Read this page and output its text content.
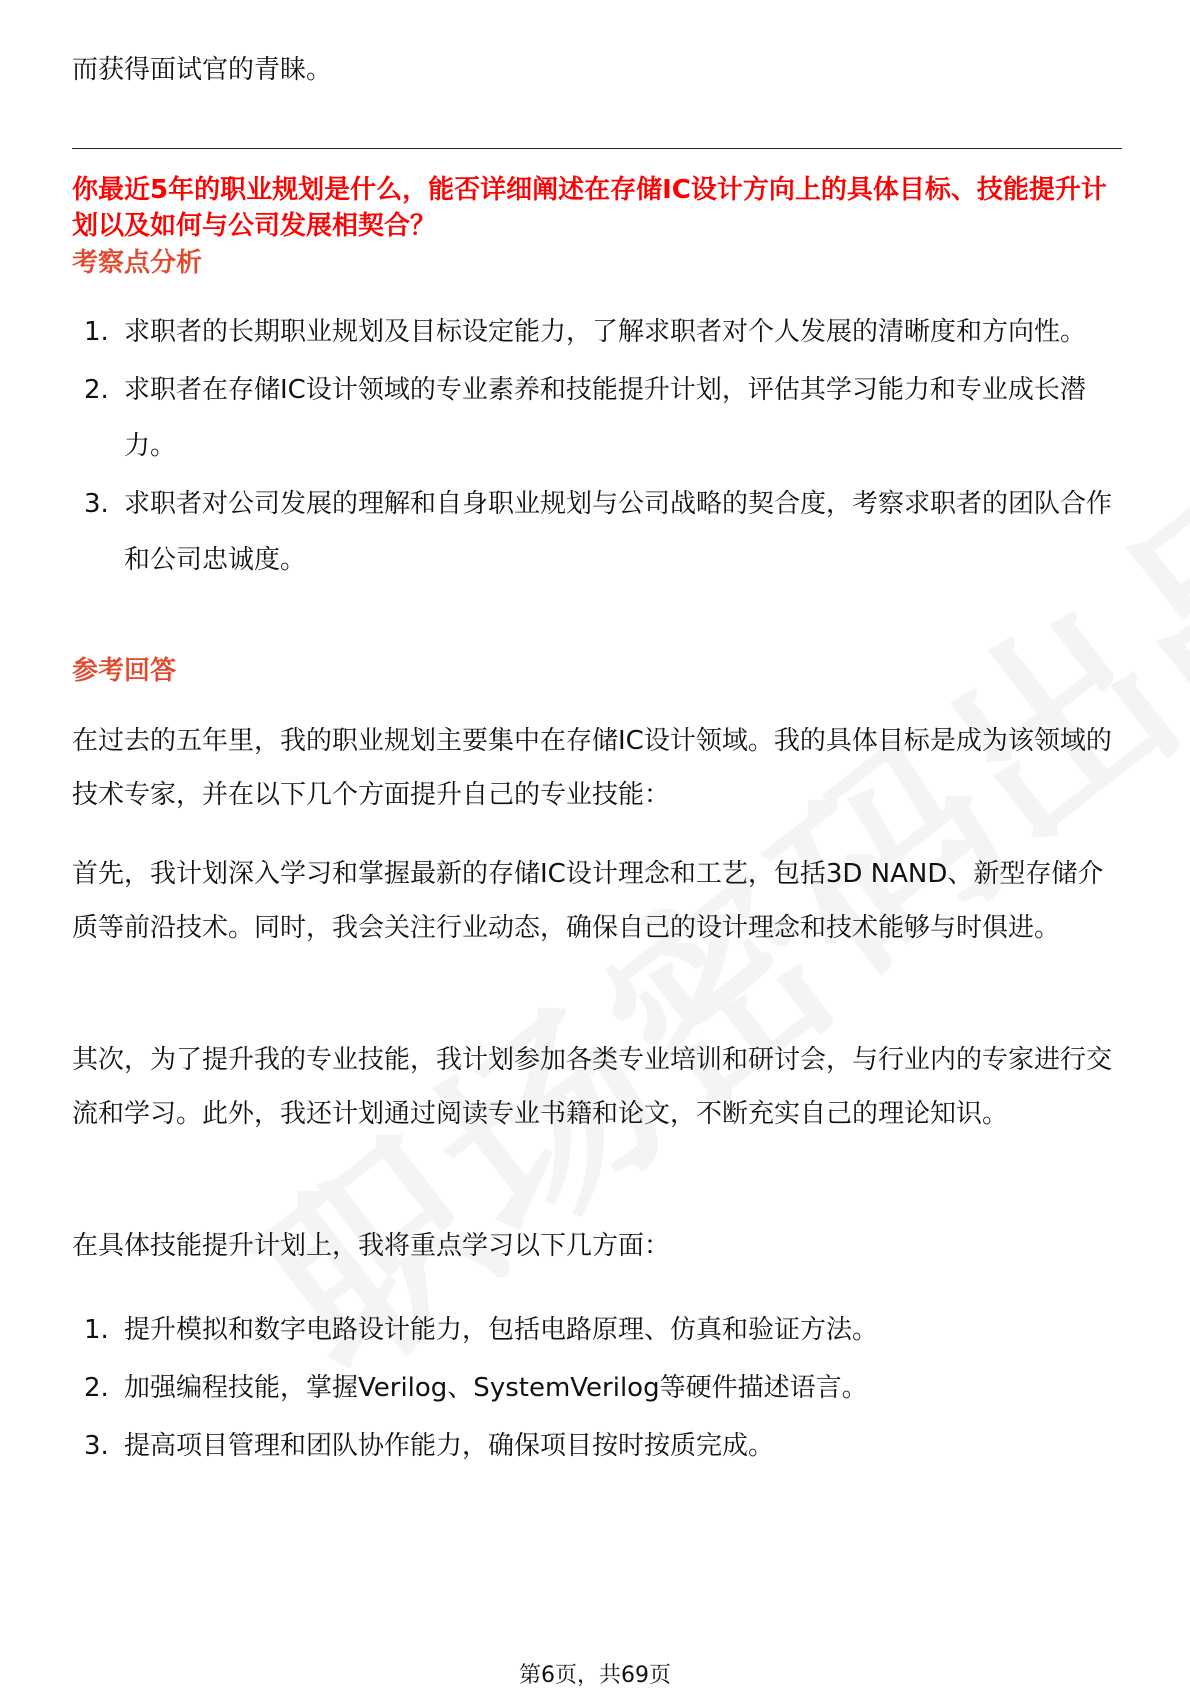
而获得面试官的青睐。

你最近5年的职业规划是什么，能否详细阐述在存储IC设计方向上的具体目标、技能提升计划以及如何与公司发展相契合？

考察点分析
1. 求职者的长期职业规划及目标设定能力，了解求职者对个人发展的清晰度和方向性。
2. 求职者在存储IC设计领域的专业素养和技能提升计划，评估其学习能力和专业成长潜力。
3. 求职者对公司发展的理解和自身职业规划与公司战略的契合度，考察求职者的团队合作和公司忠诚度。
参考回答

在过去的五年里，我的职业规划主要集中在存储IC设计领域。我的具体目标是成为该领域的技术专家，并在以下几个方面提升自己的专业技能：

首先，我计划深入学习和掌握最新的存储IC设计理念和工艺，包括3D NAND、新型存储介质等前沿技术。同时，我会关注行业动态，确保自己的设计理念和技术能够与时俱进。

其次，为了提升我的专业技能，我计划参加各类专业培训和研讨会，与行业内的专家进行交流和学习。此外，我还计划通过阅读专业书籍和论文，不断充实自己的理论知识。

在具体技能提升计划上，我将重点学习以下几方面：

1. 提升模拟和数字电路设计能力，包括电路原理、仿真和验证方法。
2. 加强编程技能，掌握Verilog、SystemVerilog等硬件描述语言。
3. 提高项目管理和团队协作能力，确保项目按时按质完成。
第6页，共69页
